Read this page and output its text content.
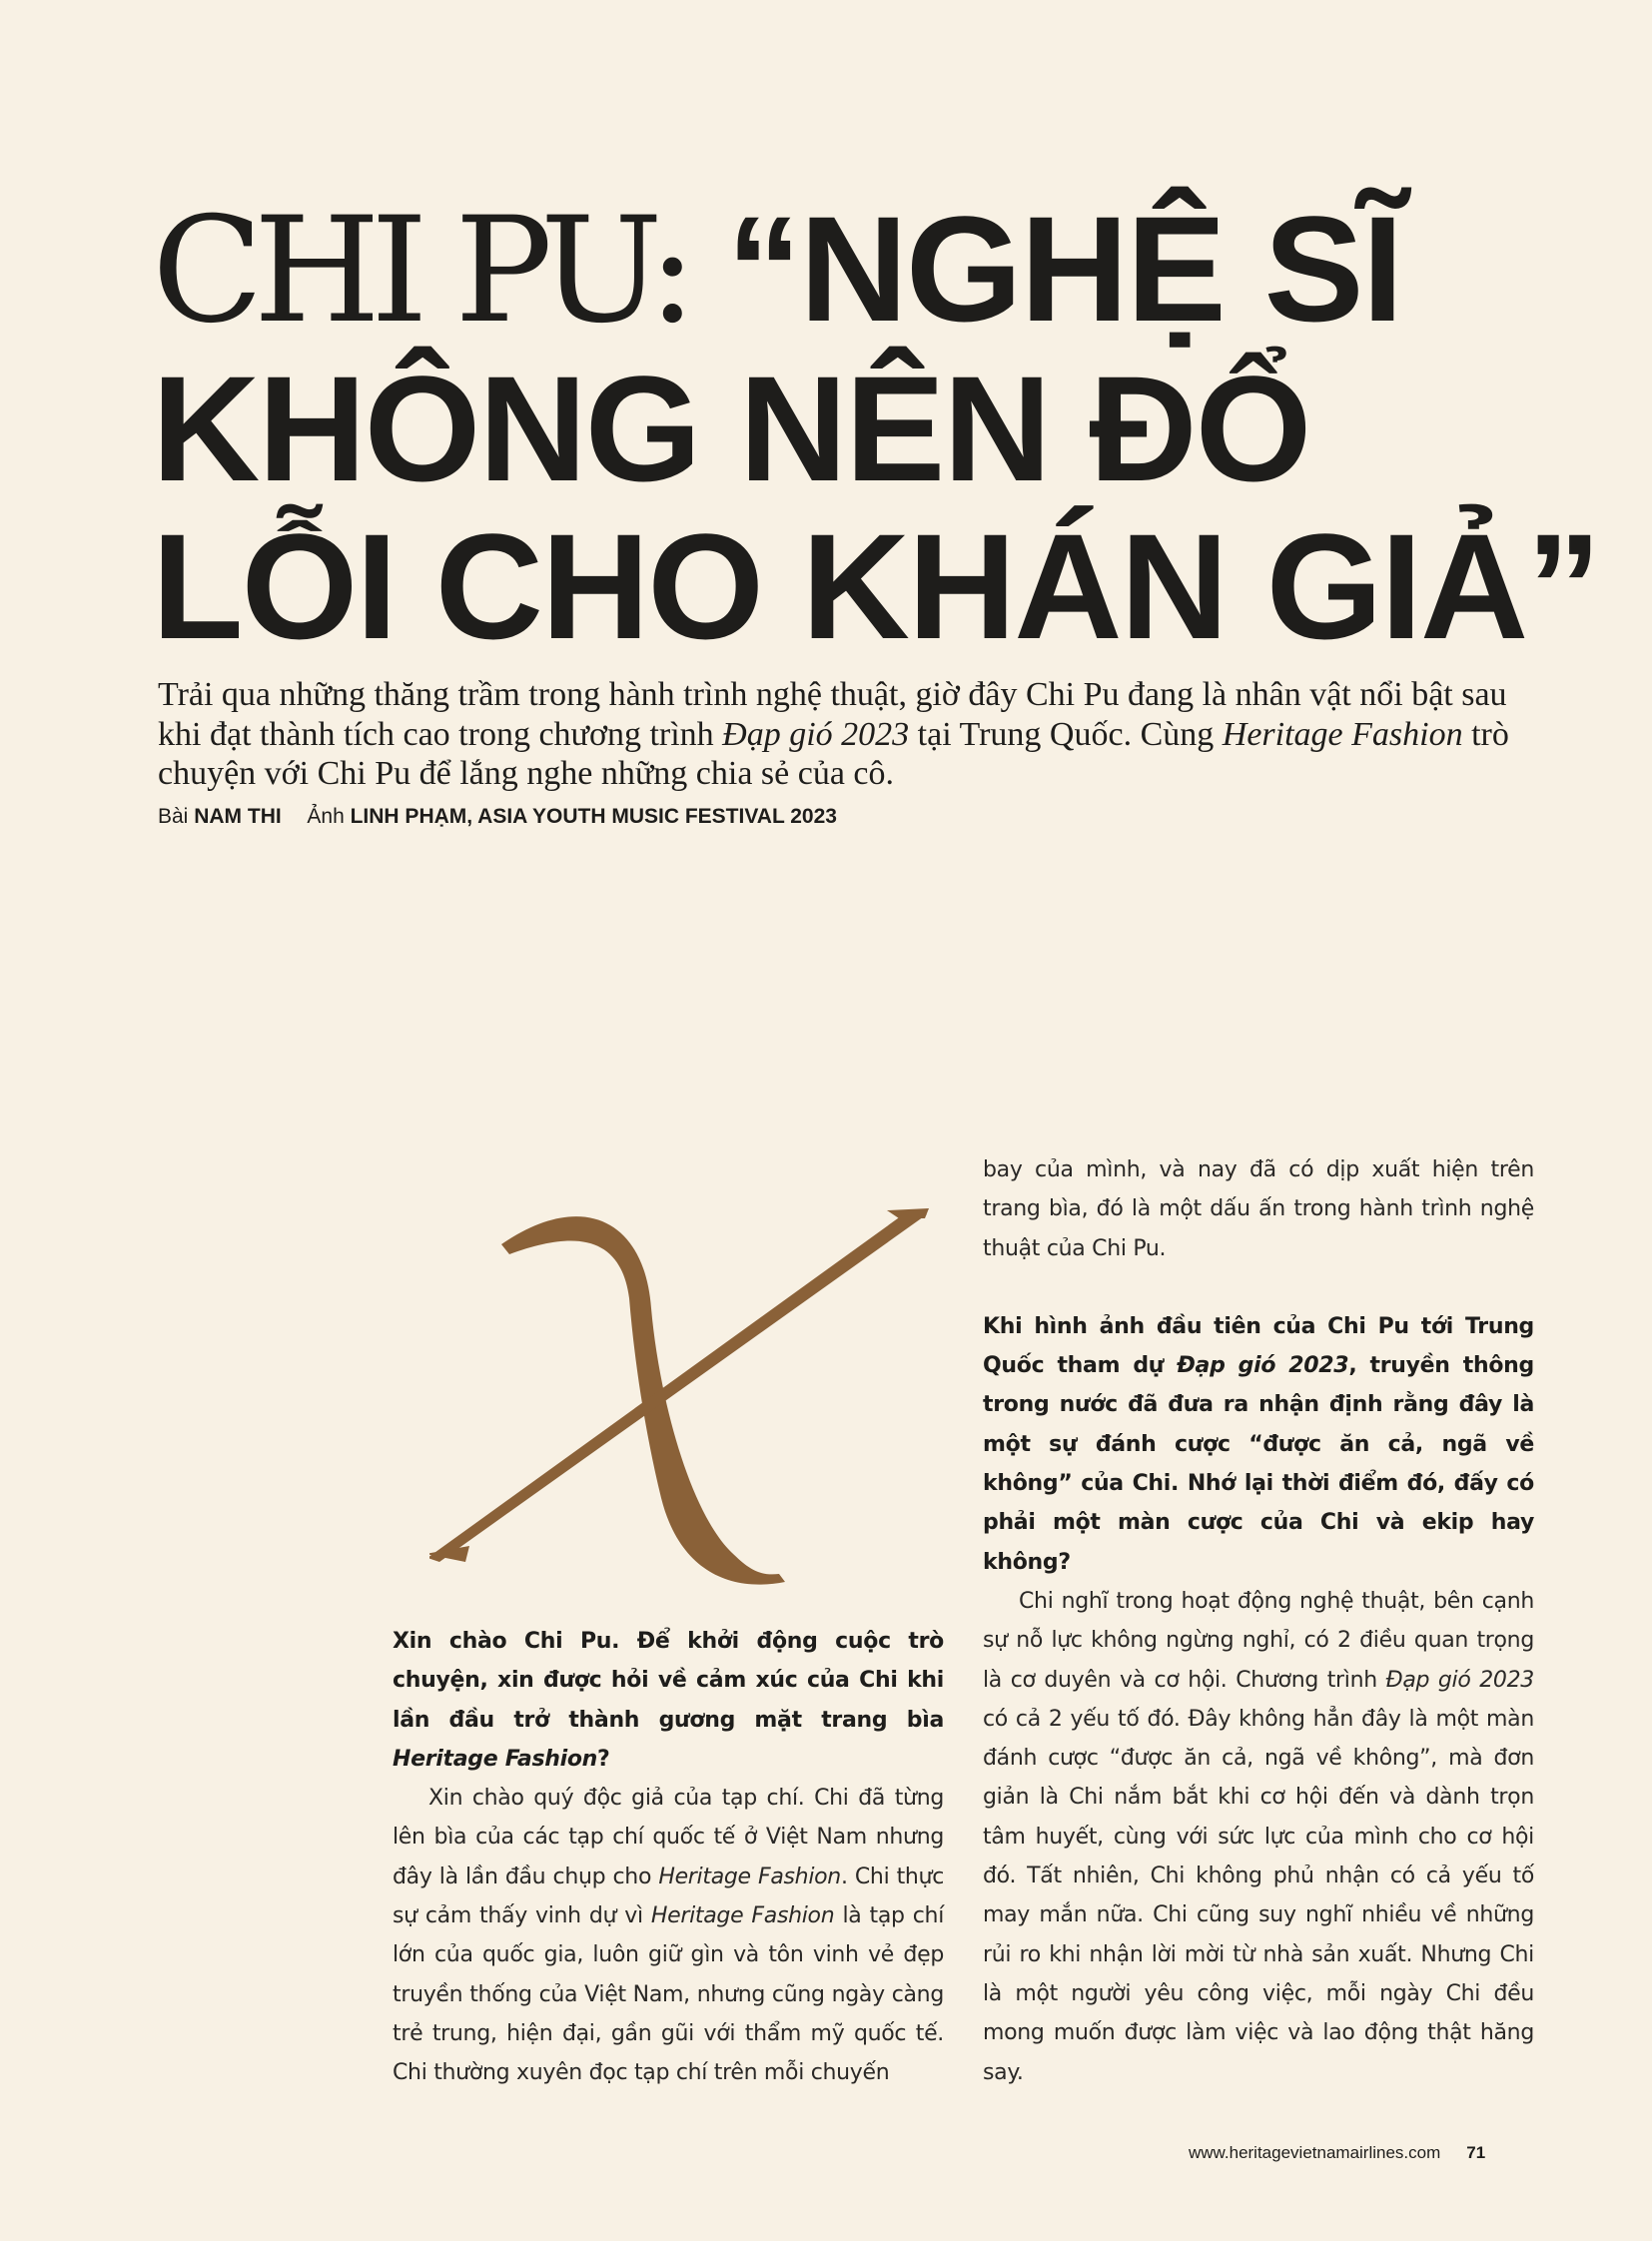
CHI PU: “NGHỆ SĨ
KHÔNG NÊN ĐỔ
LỖI CHO KHÁN GIẢ”

Trải qua những thăng trầm trong hành trình nghệ thuật, giờ đây Chi Pu đang là nhân vật nổi bật sau khi đạt thành tích cao trong chương trình Đạp gió 2023 tại Trung Quốc. Cùng Heritage Fashion trò chuyện với Chi Pu để lắng nghe những chia sẻ của cô.

Bài NAM THI Ảnh LINH PHẠM, ASIA YOUTH MUSIC FESTIVAL 2023

Xin chào Chi Pu. Để khởi động cuộc trò chuyện, xin được hỏi về cảm xúc của Chi khi lần đầu trở thành gương mặt trang bìa Heritage Fashion?

Xin chào quý độc giả của tạp chí. Chi đã từng lên bìa của các tạp chí quốc tế ở Việt Nam nhưng đây là lần đầu chụp cho Heritage Fashion. Chi thực sự cảm thấy vinh dự vì Heritage Fashion là tạp chí lớn của quốc gia, luôn giữ gìn và tôn vinh vẻ đẹp truyền thống của Việt Nam, nhưng cũng ngày càng trẻ trung, hiện đại, gần gũi với thẩm mỹ quốc tế. Chi thường xuyên đọc tạp chí trên mỗi chuyến

bay của mình, và nay đã có dịp xuất hiện trên trang bìa, đó là một dấu ấn trong hành trình nghệ thuật của Chi Pu.

Khi hình ảnh đầu tiên của Chi Pu tới Trung Quốc tham dự Đạp gió 2023, truyền thông trong nước đã đưa ra nhận định rằng đây là một sự đánh cược “được ăn cả, ngã về không” của Chi. Nhớ lại thời điểm đó, đấy có phải một màn cược của Chi và ekip hay không?

Chi nghĩ trong hoạt động nghệ thuật, bên cạnh sự nỗ lực không ngừng nghỉ, có 2 điều quan trọng là cơ duyên và cơ hội. Chương trình Đạp gió 2023 có cả 2 yếu tố đó. Đây không hẳn đây là một màn đánh cược “được ăn cả, ngã về không”, mà đơn giản là Chi nắm bắt khi cơ hội đến và dành trọn tâm huyết, cùng với sức lực của mình cho cơ hội đó. Tất nhiên, Chi không phủ nhận có cả yếu tố may mắn nữa. Chi cũng suy nghĩ nhiều về những rủi ro khi nhận lời mời từ nhà sản xuất. Nhưng Chi là một người yêu công việc, mỗi ngày Chi đều mong muốn được làm việc và lao động thật hăng say.

www.heritagevietnamairlines.com 71
